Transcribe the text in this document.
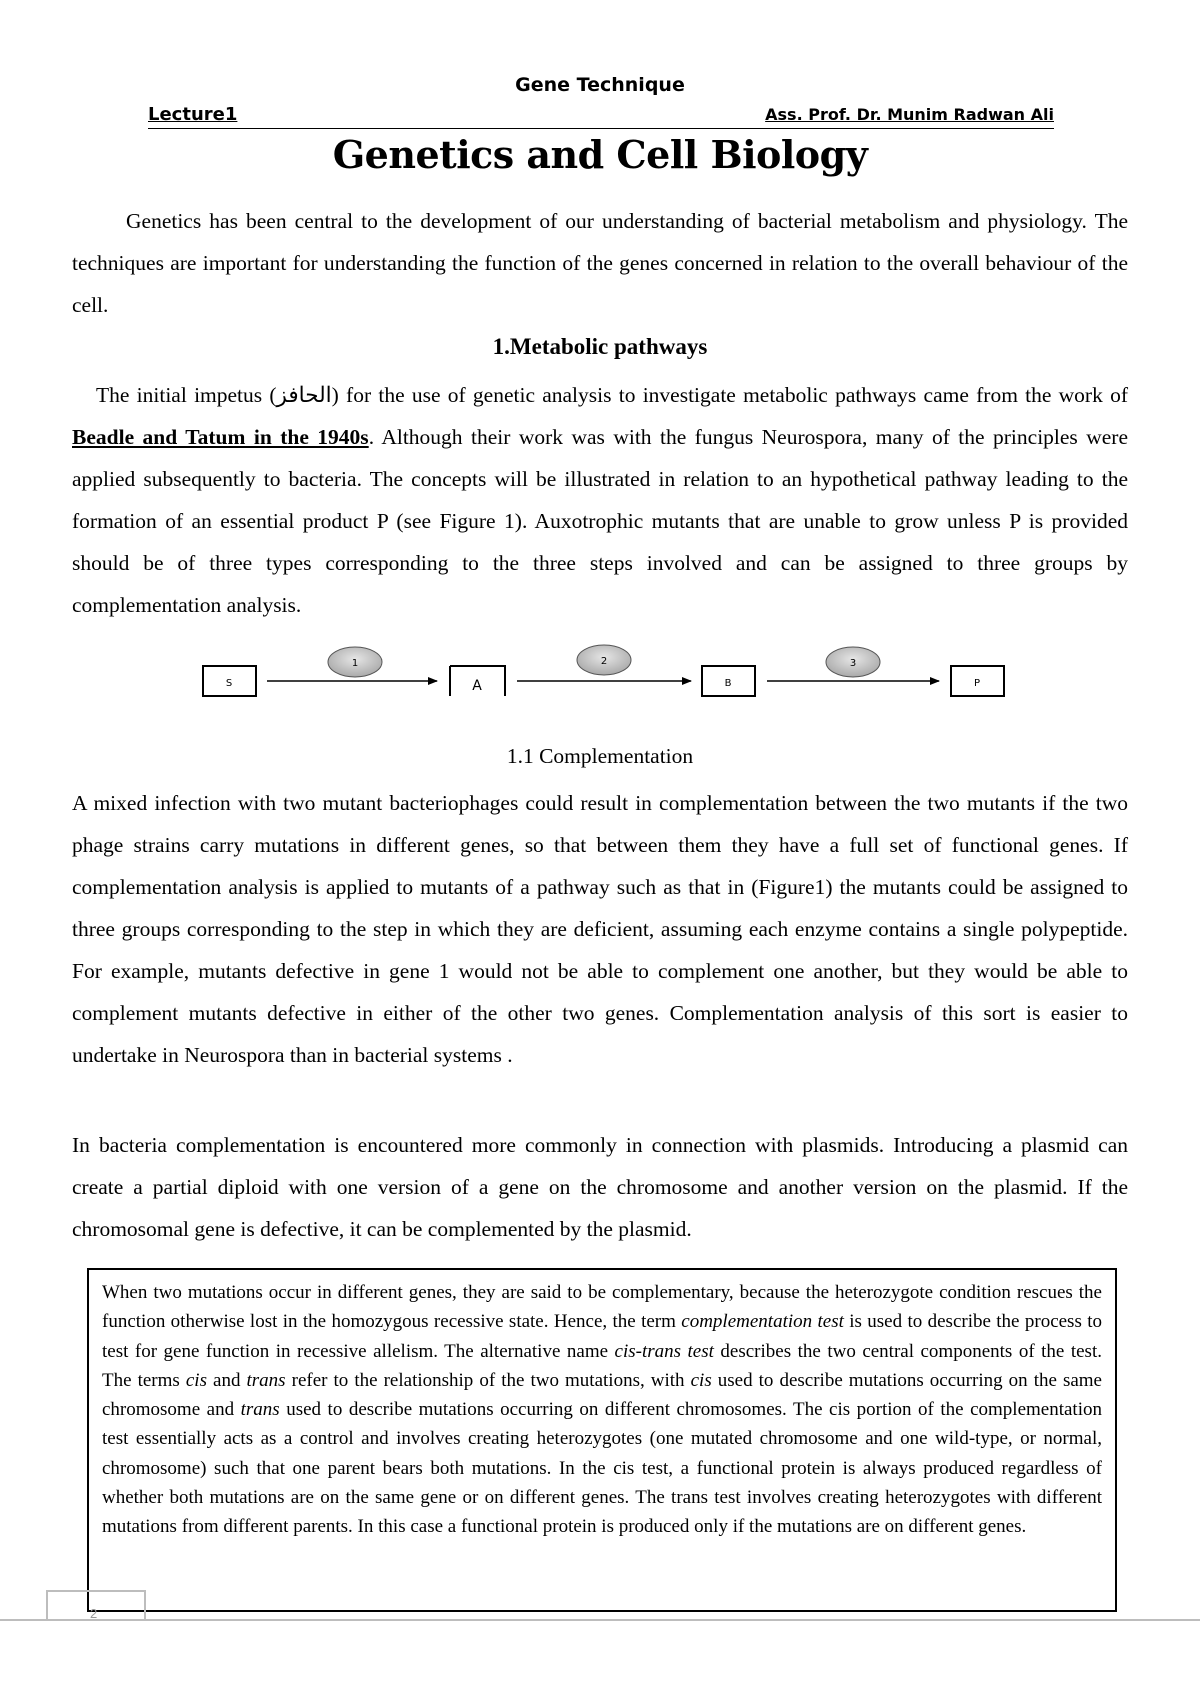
Gene Technique
Lecture1	Ass. Prof. Dr. Munim Radwan Ali
Genetics and Cell Biology
Genetics has been central to the development of our understanding of bacterial metabolism and physiology. The techniques are important for understanding the function of the genes concerned in relation to the overall behaviour of the cell.
1.Metabolic pathways
The initial impetus (الحافز) for the use of genetic analysis to investigate metabolic pathways came from the work of Beadle and Tatum in the 1940s. Although their work was with the fungus Neurospora, many of the principles were applied subsequently to bacteria. The concepts will be illustrated in relation to an hypothetical pathway leading to the formation of an essential product P (see Figure 1). Auxotrophic mutants that are unable to grow unless P is provided should be of three types corresponding to the three steps involved and can be assigned to three groups by complementation analysis.
S	A	B	P
1	2	3
1.1 Complementation
A mixed infection with two mutant bacteriophages could result in complementation between the two mutants if the two phage strains carry mutations in different genes, so that between them they have a full set of functional genes. If complementation analysis is applied to mutants of a pathway such as that in (Figure1) the mutants could be assigned to three groups corresponding to the step in which they are deficient, assuming each enzyme contains a single polypeptide. For example, mutants defective in gene 1 would not be able to complement one another, but they would be able to complement mutants defective in either of the other two genes. Complementation analysis of this sort is easier to undertake in Neurospora than in bacterial systems .
In bacteria complementation is encountered more commonly in connection with plasmids. Introducing a plasmid can create a partial diploid with one version of a gene on the chromosome and another version on the plasmid. If the chromosomal gene is defective, it can be complemented by the plasmid.
When two mutations occur in different genes, they are said to be complementary, because the heterozygote condition rescues the function otherwise lost in the homozygous recessive state. Hence, the term complementation test is used to describe the process to test for gene function in recessive allelism. The alternative name cis-trans test describes the two central components of the test. The terms cis and trans refer to the relationship of the two mutations, with cis used to describe mutations occurring on the same chromosome and trans used to describe mutations occurring on different chromosomes. The cis portion of the complementation test essentially acts as a control and involves creating heterozygotes (one mutated chromosome and one wild-type, or normal, chromosome) such that one parent bears both mutations. In the cis test, a functional protein is always produced regardless of whether both mutations are on the same gene or on different genes. The trans test involves creating heterozygotes with different mutations from different parents. In this case a functional protein is produced only if the mutations are on different genes.
2
